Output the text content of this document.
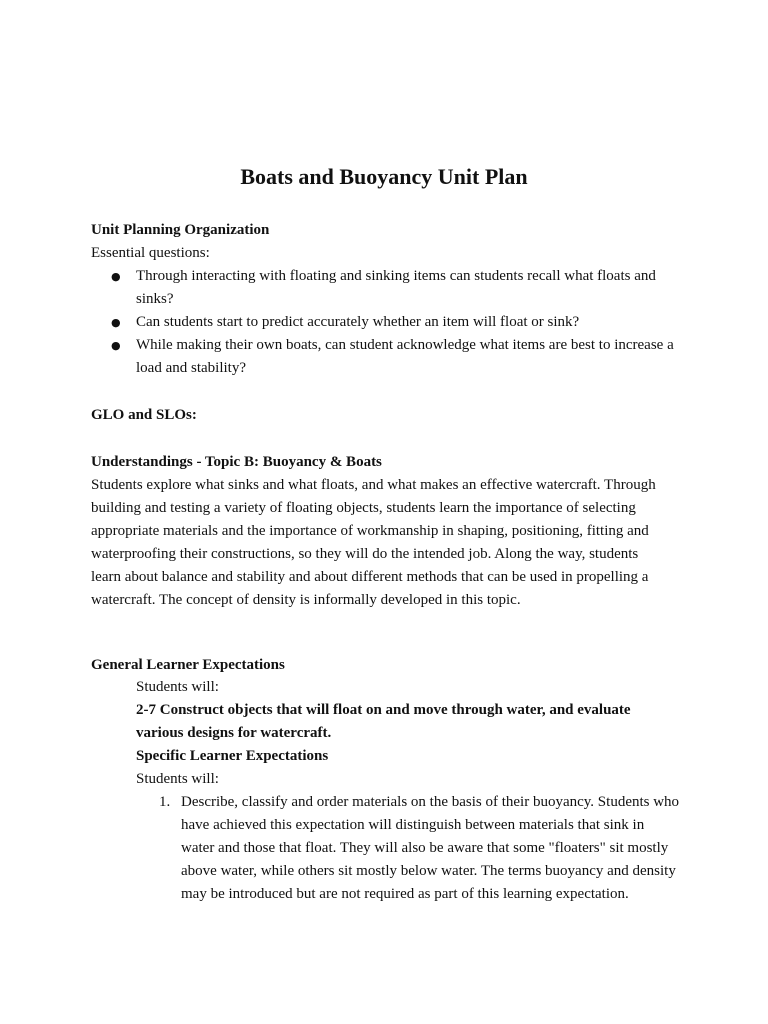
Boats and Buoyancy Unit Plan

Unit Planning Organization

Essential questions:

● Through interacting with floating and sinking items can students recall what floats and sinks?
● Can students start to predict accurately whether an item will float or sink?
● While making their own boats, can student acknowledge what items are best to increase a load and stability?

GLO and SLOs:

Understandings - Topic B: Buoyancy & Boats

Students explore what sinks and what floats, and what makes an effective watercraft. Through building and testing a variety of floating objects, students learn the importance of selecting appropriate materials and the importance of workmanship in shaping, positioning, fitting and waterproofing their constructions, so they will do the intended job. Along the way, students learn about balance and stability and about different methods that can be used in propelling a watercraft. The concept of density is informally developed in this topic.

General Learner Expectations

Students will:

2-7 Construct objects that will float on and move through water, and evaluate various designs for watercraft.

Specific Learner Expectations

Students will:

1. Describe, classify and order materials on the basis of their buoyancy. Students who have achieved this expectation will distinguish between materials that sink in water and those that float. They will also be aware that some "floaters" sit mostly above water, while others sit mostly below water. The terms buoyancy and density may be introduced but are not required as part of this learning expectation.
